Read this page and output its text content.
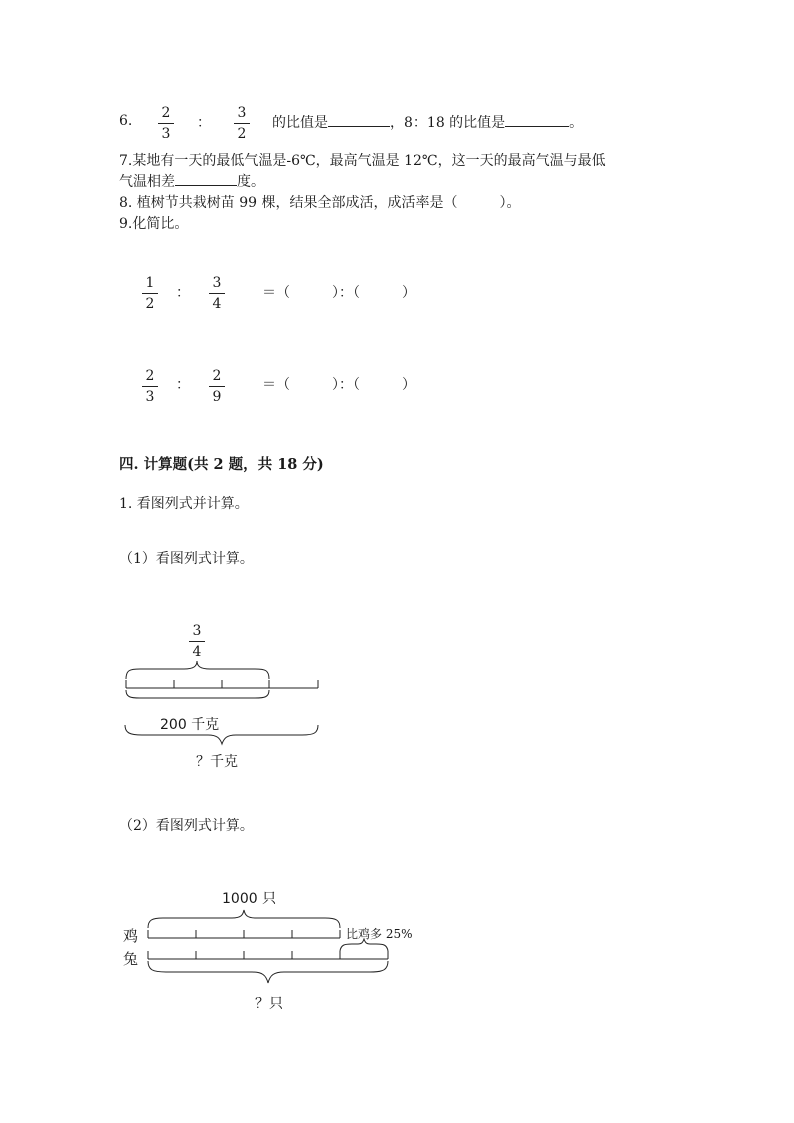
6.	2
3
：
3
2
的比值是	，8：18 的比值是	。
7.某地有一天的最低气温是-6℃，最高气温是 12℃，这一天的最高气温与最低
气温相差	度。
8. 植树节共栽树苗 99 棵，结果全部成活，成活率是（　　　）。
9.化简比。
1
2
：
3
4
＝（　　　）：（　　　）
2
3
：
2
9
＝（　　　）：（　　　）
四. 计算题(共 2 题，共 18 分)
1. 看图列式并计算。
（1）看图列式计算。
3
4
200 千克
？千克
（2）看图列式计算。
1000 只
鸡
兔
比鸡多 25%
？只
